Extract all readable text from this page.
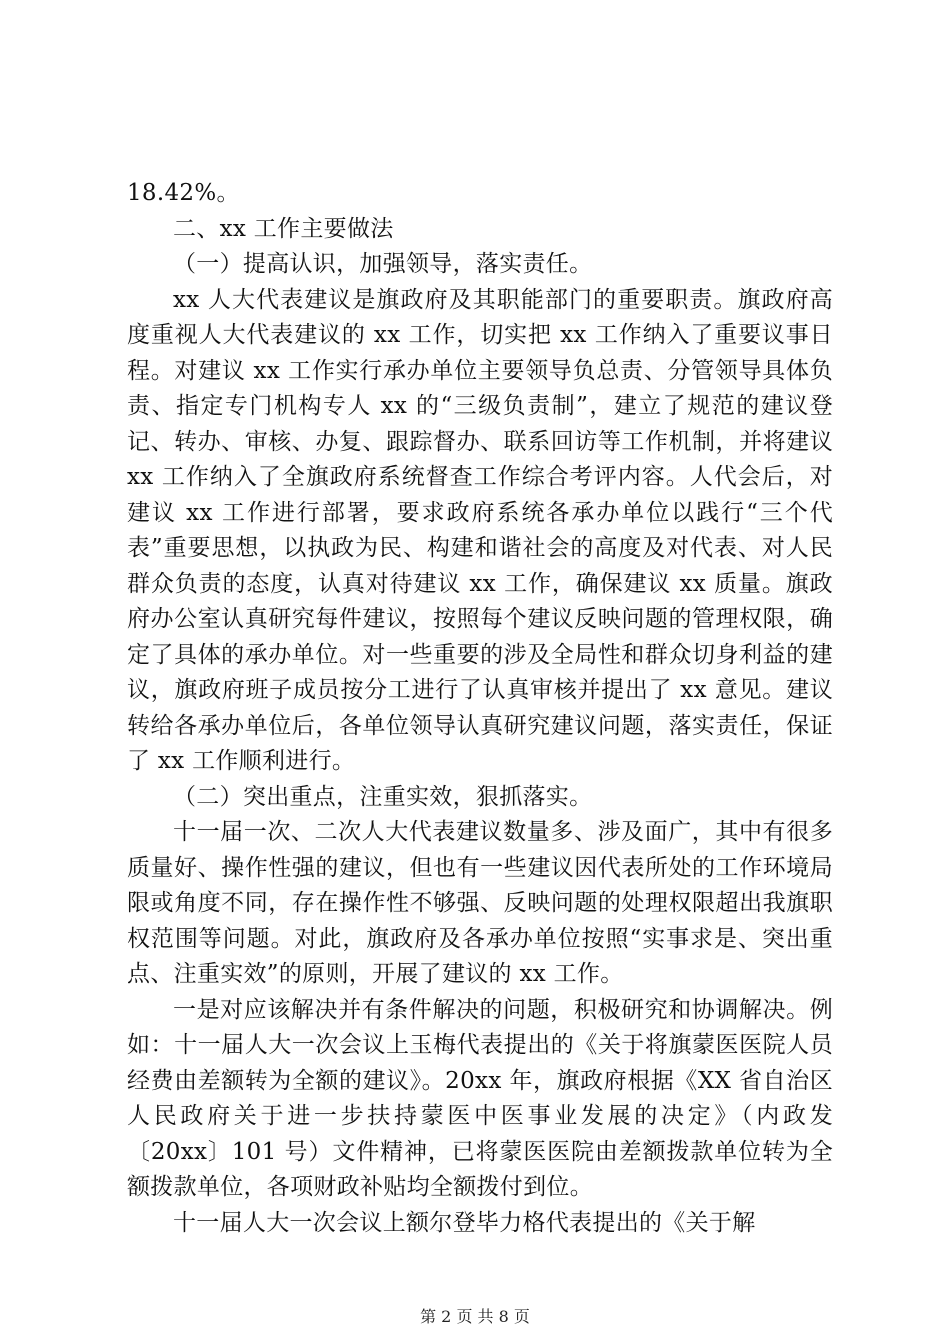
18.42%。

二、xx 工作主要做法

（一）提高认识，加强领导，落实责任。

xx 人大代表建议是旗政府及其职能部门的重要职责。旗政府高度重视人大代表建议的 xx 工作，切实把 xx 工作纳入了重要议事日程。对建议 xx 工作实行承办单位主要领导负总责、分管领导具体负责、指定专门机构专人 xx 的“三级负责制”，建立了规范的建议登记、转办、审核、办复、跟踪督办、联系回访等工作机制，并将建议 xx 工作纳入了全旗政府系统督查工作综合考评内容。人代会后，对建议 xx 工作进行部署，要求政府系统各承办单位以践行“三个代表”重要思想，以执政为民、构建和谐社会的高度及对代表、对人民群众负责的态度，认真对待建议 xx 工作，确保建议 xx 质量。旗政府办公室认真研究每件建议，按照每个建议反映问题的管理权限，确定了具体的承办单位。对一些重要的涉及全局性和群众切身利益的建议，旗政府班子成员按分工进行了认真审核并提出了 xx 意见。建议转给各承办单位后，各单位领导认真研究建议问题，落实责任，保证了 xx 工作顺利进行。

（二）突出重点，注重实效，狠抓落实。

十一届一次、二次人大代表建议数量多、涉及面广，其中有很多质量好、操作性强的建议，但也有一些建议因代表所处的工作环境局限或角度不同，存在操作性不够强、反映问题的处理权限超出我旗职权范围等问题。对此，旗政府及各承办单位按照“实事求是、突出重点、注重实效”的原则，开展了建议的 xx 工作。

一是对应该解决并有条件解决的问题，积极研究和协调解决。例如：十一届人大一次会议上玉梅代表提出的《关于将旗蒙医医院人员经费由差额转为全额的建议》。20xx 年，旗政府根据《XX 省自治区人民政府关于进一步扶持蒙医中医事业发展的决定》（内政发〔20xx〕101 号）文件精神，已将蒙医医院由差额拨款单位转为全额拨款单位，各项财政补贴均全额拨付到位。

十一届人大一次会议上额尔登毕力格代表提出的《关于解

第 2 页 共 8 页
